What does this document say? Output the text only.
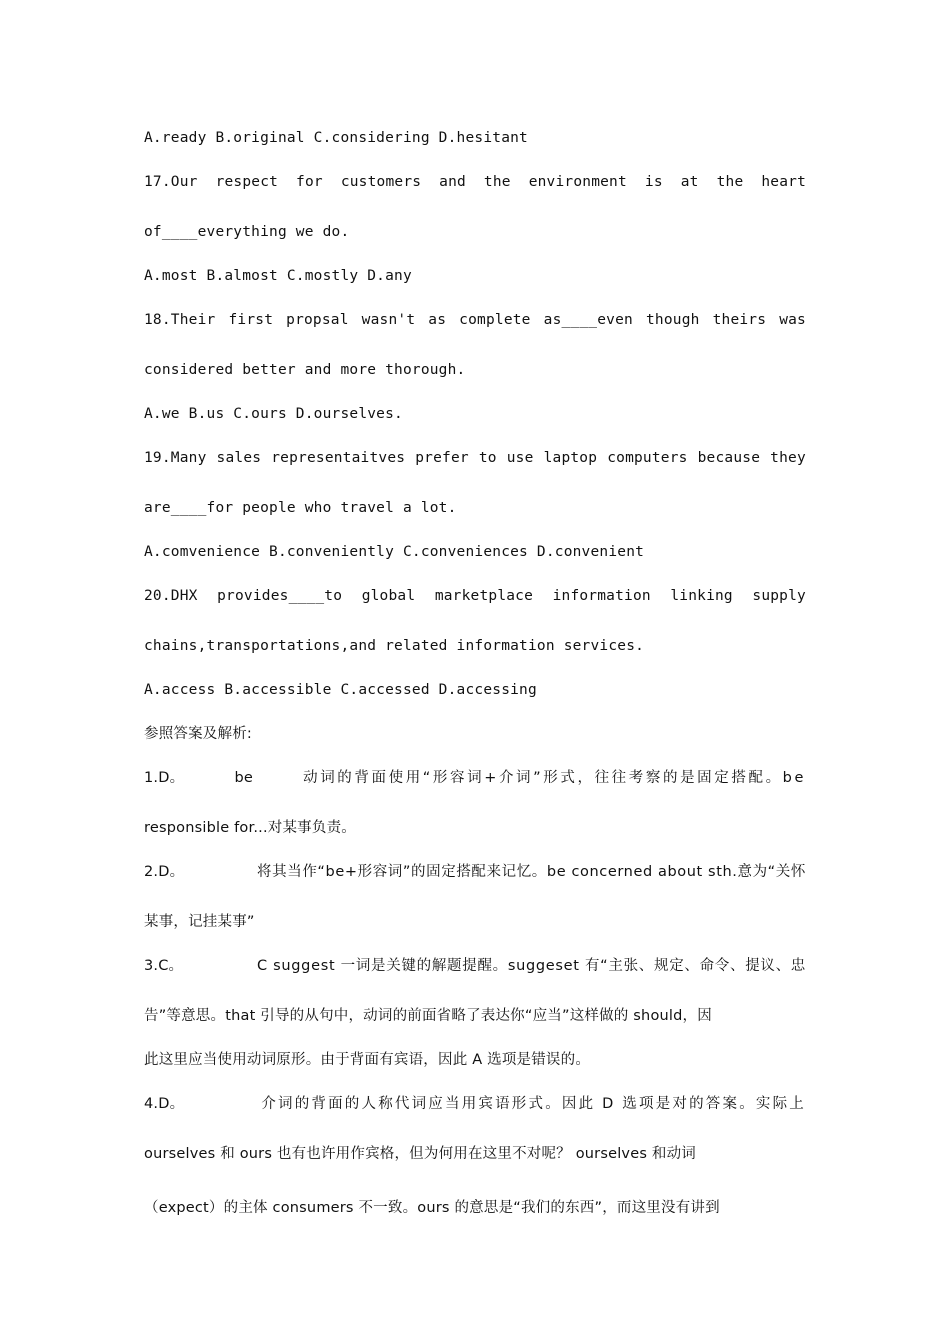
A.ready B.original C.considering D.hesitant
17.Our respect for customers and the environment is at the heart
of____everything we do.
A.most B.almost C.mostly D.any
18.Their first propsal wasn't as complete as____even though theirs was
considered better and more thorough.
A.we B.us C.ours D.ourselves.
19.Many sales representaitves prefer to use laptop computers because they
are____for people who travel a lot.
A.comvenience B.conveniently C.conveniences D.convenient
20.DHX provides____to global marketplace information linking supply
chains,transportations,and related information services.
A.access B.accessible C.accessed D.accessing
参照答案及解析:
1.D。	be	动词的背面使用“形容词+介词”形式，往往考察的是固定搭配。be
responsible for...对某事负责。
2.D。	将其当作“be+形容词”的固定搭配来记忆。be concerned about sth.意为“关怀
某事，记挂某事”
3.C。	C suggest 一词是关键的解题提醒。suggeset 有“主张、规定、命令、提议、忠
告”等意思。that 引导的从句中，动词的前面省略了表达你“应当”这样做的 should，因
此这里应当使用动词原形。由于背面有宾语，因此 A 选项是错误的。
4.D。	介词的背面的人称代词应当用宾语形式。因此 D 选项是对的答案。实际上
ourselves 和 ours 也有也许用作宾格，但为何用在这里不对呢？ ourselves 和动词
（expect）的主体 consumers 不一致。ours 的意思是“我们的东西”，而这里没有讲到
